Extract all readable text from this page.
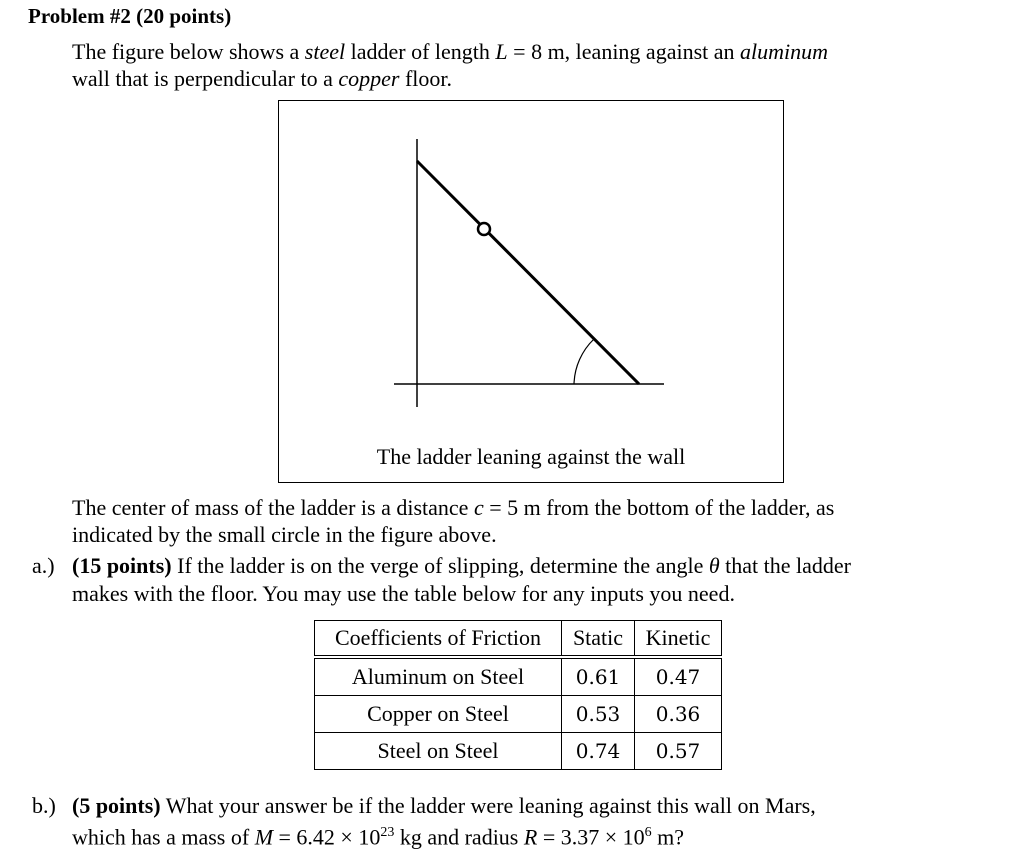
Problem #2 (20 points)
The figure below shows a steel ladder of length L = 8 m, leaning against an aluminum
wall that is perpendicular to a copper floor.
The ladder leaning against the wall
The center of mass of the ladder is a distance c = 5 m from the bottom of the ladder, as
indicated by the small circle in the figure above.
a.) (15 points) If the ladder is on the verge of slipping, determine the angle θ that the ladder
makes with the floor. You may use the table below for any inputs you need.
Coefficients of Friction	Static	Kinetic
Aluminum on Steel	0.61	0.47
Copper on Steel	0.53	0.36
Steel on Steel	0.74	0.57
b.) (5 points) What your answer be if the ladder were leaning against this wall on Mars,
which has a mass of $M = 6.42 \times 10^{23}$ kg and radius $R = 3.37 \times 10^6$ m?
